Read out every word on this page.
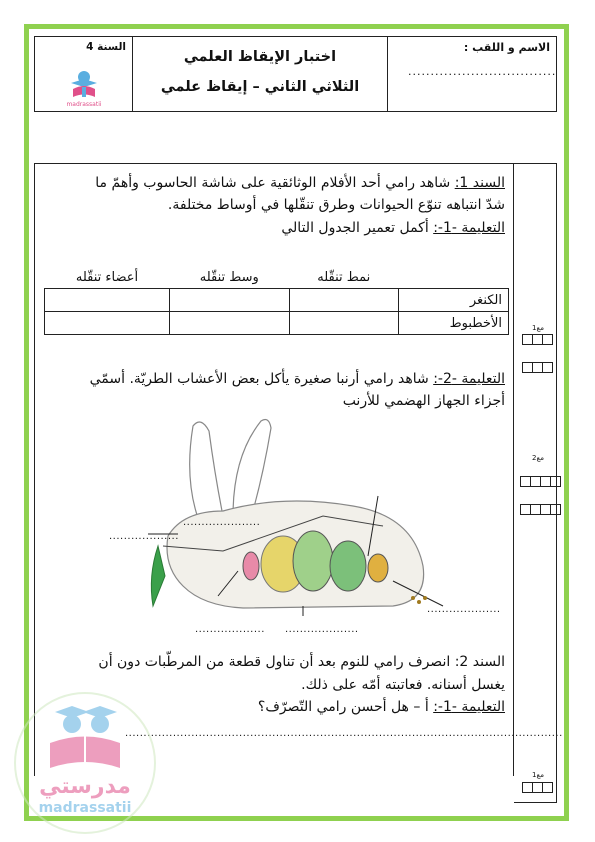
السنة 4
madrassatii
اختبار الإيقاظ العلمي
الثلاثي الثاني – إيقاظ علمي
الاسم و اللقب :
.................................
السند 1: شاهد رامي أحد الأفلام الوثائقية على شاشة الحاسوب وأهمّ ما
شدّ انتباهه تنوّع الحيوانات وطرق تنقّلها في أوساط مختلفة.
التعليمة -1-: أكمل تعمير الجدول التالي
	نمط تنقّله	وسط تنقّله	أعضاء تنقّله
الكنغر			
الأخطبوط			
التعليمة -2-: شاهد رامي أرنبا صغيرة يأكل بعض الأعشاب الطريّة. أسمّي
أجزاء الجهاز الهضمي للأرنب
.....................
...................
................... ....................
....................
السند 2: انصرف رامي للنوم بعد أن تناول قطعة من المرطّبات دون أن
يغسل أسنانه. فعاتبته أمّه على ذلك.
التعليمة -1-: أ – هل أحسن رامي التّصرّف؟
.......................................................................................................................
مع1
مع2
مع1
مدرستي
madrassatii
